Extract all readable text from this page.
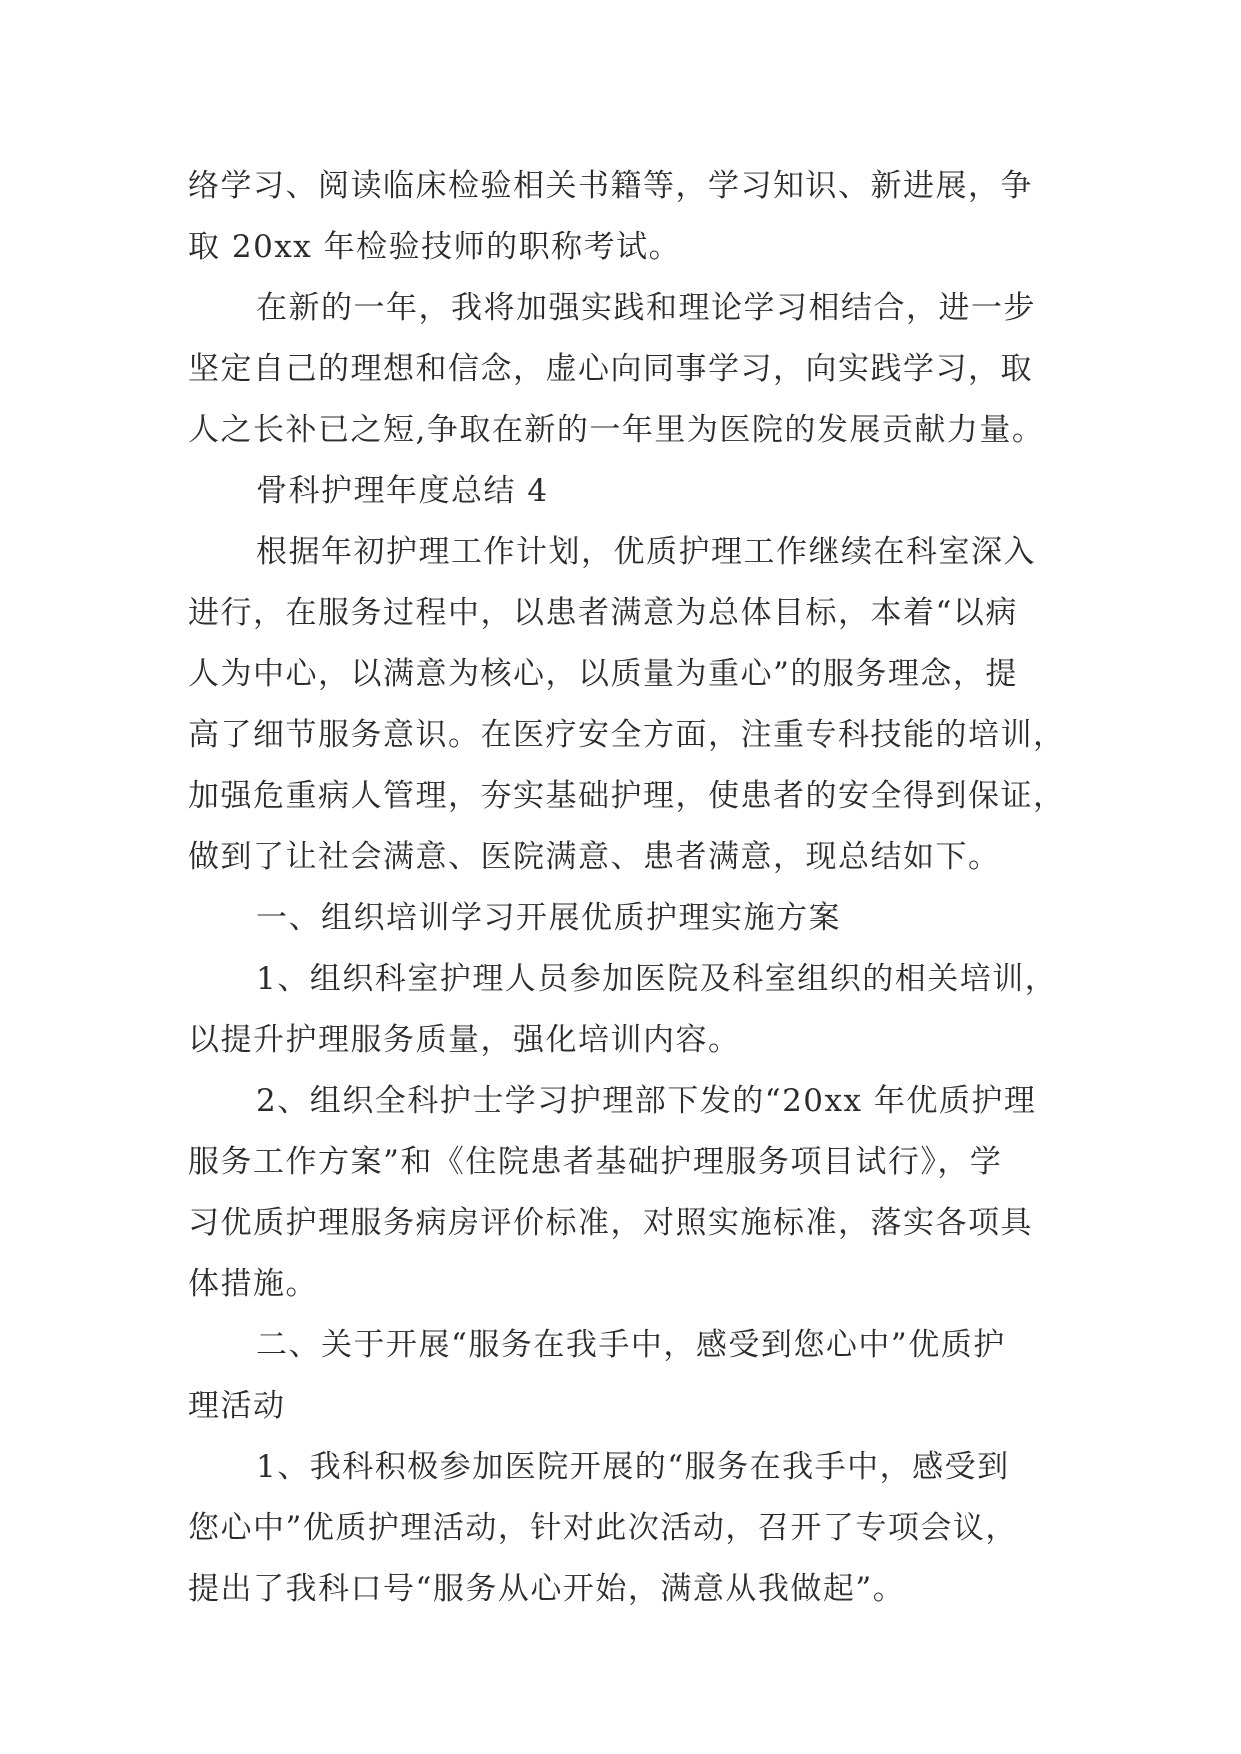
络学习、阅读临床检验相关书籍等，学习知识、新进展，争
取 20xx 年检验技师的职称考试。
在新的一年，我将加强实践和理论学习相结合，进一步
坚定自己的理想和信念，虚心向同事学习，向实践学习，取
人之长补已之短,争取在新的一年里为医院的发展贡献力量。
骨科护理年度总结 4
根据年初护理工作计划，优质护理工作继续在科室深入
进行，在服务过程中，以患者满意为总体目标，本着“以病
人为中心，以满意为核心，以质量为重心”的服务理念，提
高了细节服务意识。在医疗安全方面，注重专科技能的培训，
加强危重病人管理，夯实基础护理，使患者的安全得到保证，
做到了让社会满意、医院满意、患者满意，现总结如下。
一、组织培训学习开展优质护理实施方案
1、组织科室护理人员参加医院及科室组织的相关培训，
以提升护理服务质量，强化培训内容。
2、组织全科护士学习护理部下发的“20xx 年优质护理
服务工作方案”和《住院患者基础护理服务项目试行》，学
习优质护理服务病房评价标准，对照实施标准，落实各项具
体措施。
二、关于开展“服务在我手中，感受到您心中”优质护
理活动
1、我科积极参加医院开展的“服务在我手中，感受到
您心中”优质护理活动，针对此次活动，召开了专项会议，
提出了我科口号“服务从心开始，满意从我做起”。
